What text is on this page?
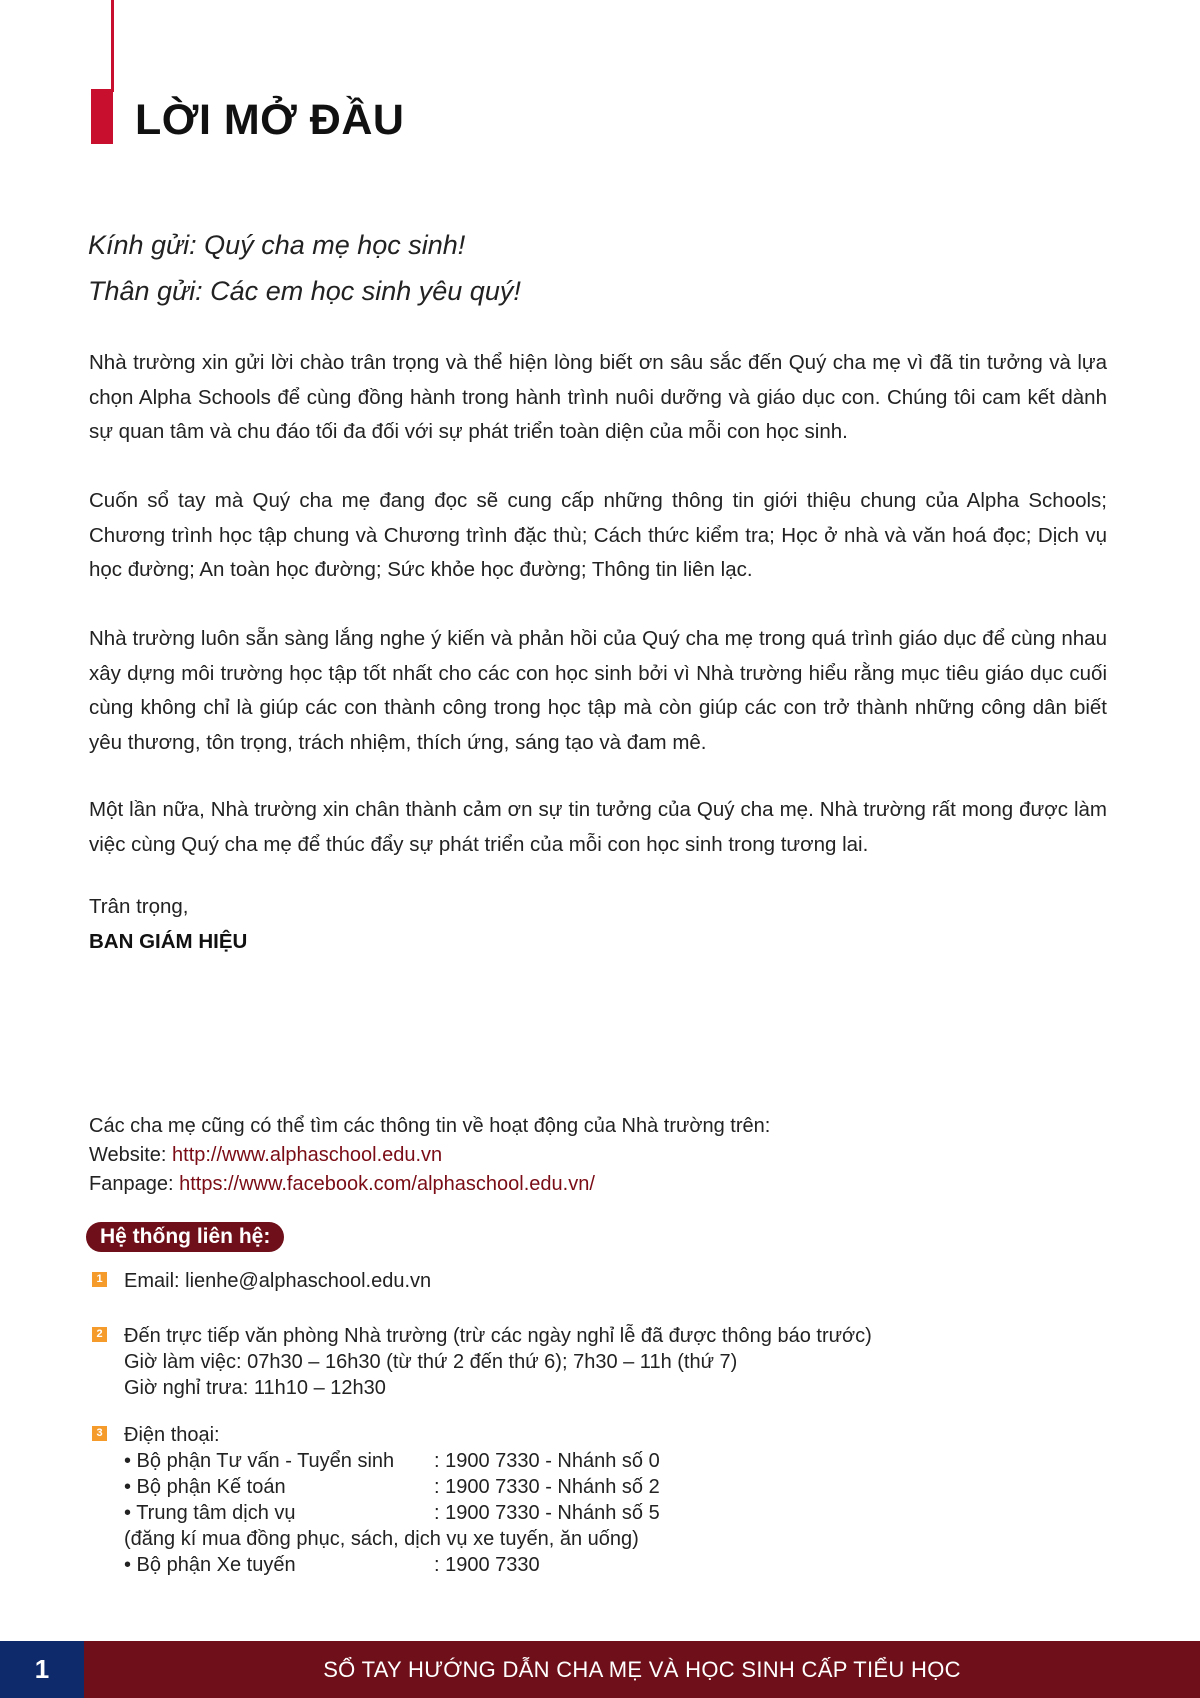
LỜI MỞ ĐẦU
Kính gửi: Quý cha mẹ học sinh!
Thân gửi: Các em học sinh yêu quý!

Nhà trường xin gửi lời chào trân trọng và thể hiện lòng biết ơn sâu sắc đến Quý cha mẹ vì đã tin tưởng và lựa chọn Alpha Schools để cùng đồng hành trong hành trình nuôi dưỡng và giáo dục con. Chúng tôi cam kết dành sự quan tâm và chu đáo tối đa đối với sự phát triển toàn diện của mỗi con học sinh.

Cuốn sổ tay mà Quý cha mẹ đang đọc sẽ cung cấp những thông tin giới thiệu chung của Alpha Schools; Chương trình học tập chung và Chương trình đặc thù; Cách thức kiểm tra; Học ở nhà và văn hoá đọc; Dịch vụ học đường; An toàn học đường; Sức khỏe học đường; Thông tin liên lạc.

Nhà trường luôn sẵn sàng lắng nghe ý kiến và phản hồi của Quý cha mẹ trong quá trình giáo dục để cùng nhau xây dựng môi trường học tập tốt nhất cho các con học sinh bởi vì Nhà trường hiểu rằng mục tiêu giáo dục cuối cùng không chỉ là giúp các con thành công trong học tập mà còn giúp các con trở thành những công dân biết yêu thương, tôn trọng, trách nhiệm, thích ứng, sáng tạo và đam mê.

Một lần nữa, Nhà trường xin chân thành cảm ơn sự tin tưởng của Quý cha mẹ. Nhà trường rất mong được làm việc cùng Quý cha mẹ để thúc đẩy sự phát triển của mỗi con học sinh trong tương lai.

Trân trọng,
BAN GIÁM HIỆU
Các cha mẹ cũng có thể tìm các thông tin về hoạt động của Nhà trường trên:
Website: http://www.alphaschool.edu.vn
Fanpage: https://www.facebook.com/alphaschool.edu.vn/
Hệ thống liên hệ:
1 Email: lienhe@alphaschool.edu.vn
2 Đến trực tiếp văn phòng Nhà trường (trừ các ngày nghỉ lễ đã được thông báo trước)
Giờ làm việc: 07h30 – 16h30 (từ thứ 2 đến thứ 6); 7h30 – 11h (thứ 7)
Giờ nghỉ trưa: 11h10 – 12h30
3 Điện thoại:
• Bộ phận Tư vấn - Tuyển sinh	: 1900 7330 - Nhánh số 0
• Bộ phận Kế toán	: 1900 7330 - Nhánh số 2
• Trung tâm dịch vụ	: 1900 7330 - Nhánh số 5
(đăng kí mua đồng phục, sách, dịch vụ xe tuyến, ăn uống)
• Bộ phận Xe tuyến	: 1900 7330
1	SỔ TAY HƯỚNG DẪN CHA MẸ VÀ HỌC SINH CẤP TIỂU HỌC
